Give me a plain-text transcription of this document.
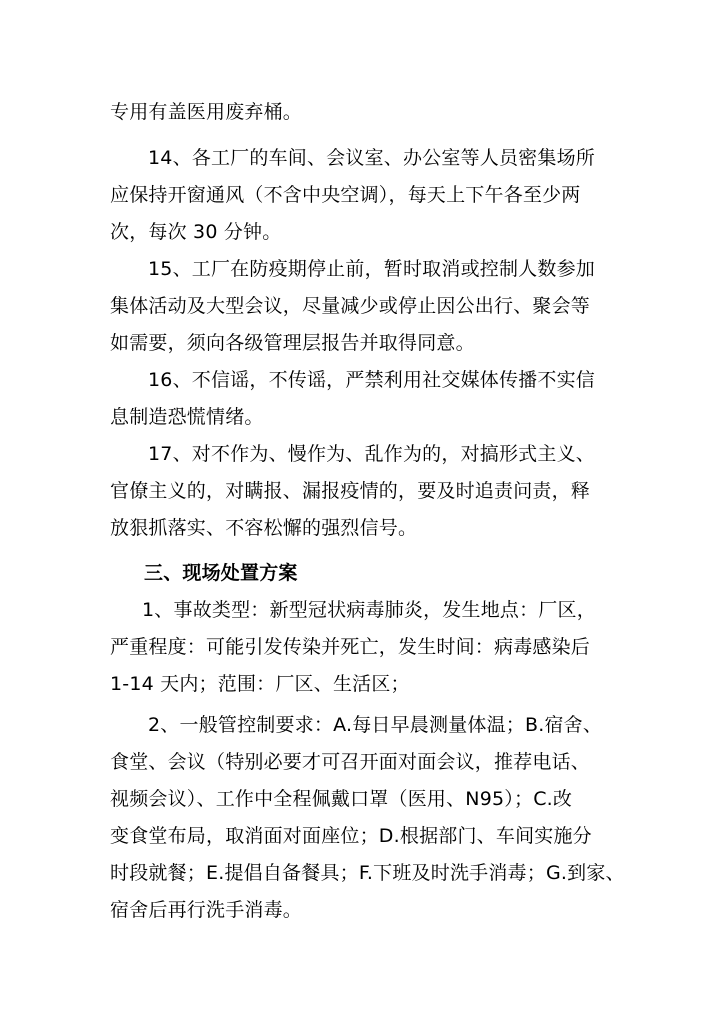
专用有盖医用废弃桶。
14、各工厂的车间、会议室、办公室等人员密集场所
应保持开窗通风（不含中央空调），每天上下午各至少两
次，每次 30 分钟。
15、工厂在防疫期停止前，暂时取消或控制人数参加
集体活动及大型会议，尽量减少或停止因公出行、聚会等
如需要，须向各级管理层报告并取得同意。
16、不信谣，不传谣，严禁利用社交媒体传播不实信
息制造恐慌情绪。
17、对不作为、慢作为、乱作为的，对搞形式主义、
官僚主义的，对瞒报、漏报疫情的，要及时追责问责，释
放狠抓落实、不容松懈的强烈信号。
三、现场处置方案
1、事故类型：新型冠状病毒肺炎，发生地点：厂区，
严重程度：可能引发传染并死亡，发生时间：病毒感染后
1-14 天内；范围：厂区、生活区；
2、一般管控制要求：A.每日早晨测量体温；B.宿舍、
食堂、会议（特别必要才可召开面对面会议，推荐电话、
视频会议）、工作中全程佩戴口罩（医用、N95）；C.改
变食堂布局，取消面对面座位；D.根据部门、车间实施分
时段就餐；E.提倡自备餐具；F.下班及时洗手消毒；G.到家、
宿舍后再行洗手消毒。
